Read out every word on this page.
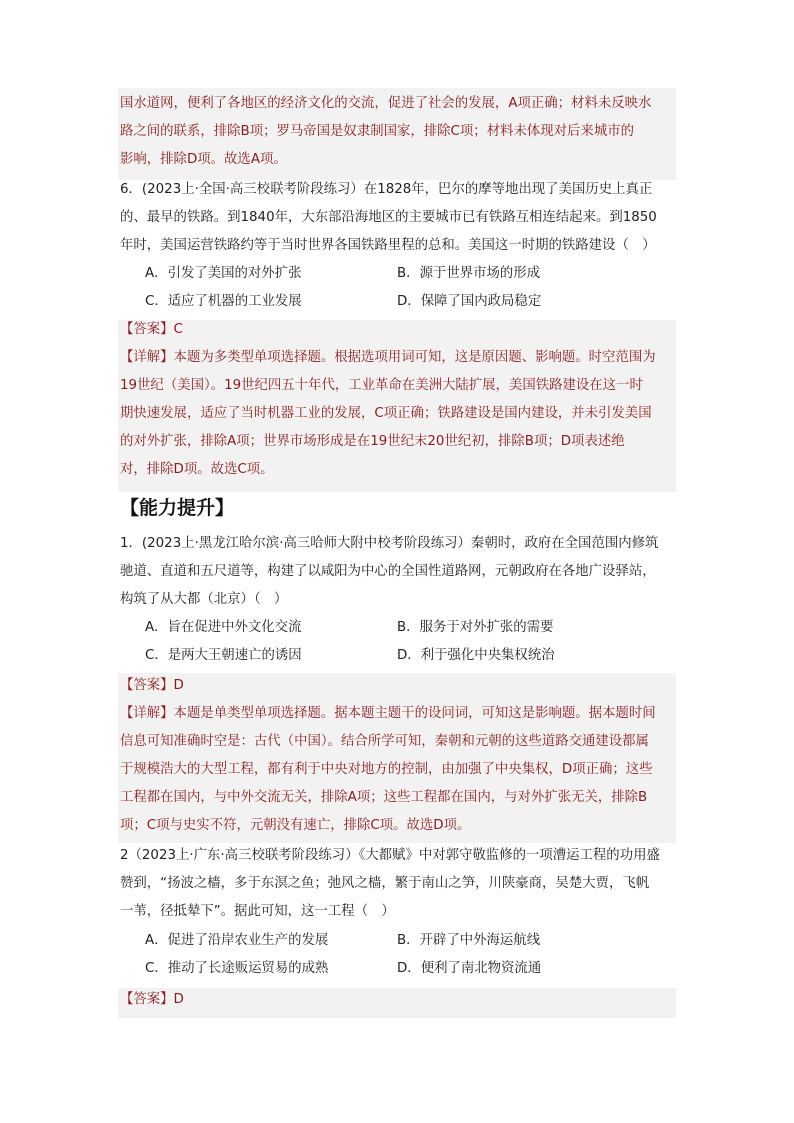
国水道网，便利了各地区的经济文化的交流，促进了社会的发展，A项正确；材料未反映水
路之间的联系，排除B项；罗马帝国是奴隶制国家，排除C项；材料未体现对后来城市的
影响，排除D项。故选A项。
6．(2023上·全国·高三校联考阶段练习）在1828年，巴尔的摩等地出现了美国历史上真正
的、最早的铁路。到1840年，大东部沿海地区的主要城市已有铁路互相连结起来。到1850
年时，美国运营铁路约等于当时世界各国铁路里程的总和。美国这一时期的铁路建设（　）
A．引发了美国的对外扩张	B．源于世界市场的形成
C．适应了机器的工业发展	D．保障了国内政局稳定
【答案】C
【详解】本题为多类型单项选择题。根据选项用词可知，这是原因题、影响题。时空范围为
19世纪（美国）。19世纪四五十年代，工业革命在美洲大陆扩展，美国铁路建设在这一时
期快速发展，适应了当时机器工业的发展，C项正确；铁路建设是国内建设，并未引发美国
的对外扩张，排除A项；世界市场形成是在19世纪末20世纪初，排除B项；D项表述绝
对，排除D项。故选C项。
【能力提升】
1．(2023上·黑龙江哈尔滨·高三哈师大附中校考阶段练习）秦朝时，政府在全国范围内修筑
驰道、直道和五尺道等，构建了以咸阳为中心的全国性道路网，元朝政府在各地广设驿站，
构筑了从大都（北京）（　）
A．旨在促进中外文化交流	B．服务于对外扩张的需要
C．是两大王朝速亡的诱因	D．利于强化中央集权统治
【答案】D
【详解】本题是单类型单项选择题。据本题主题干的设问词，可知这是影响题。据本题时间
信息可知准确时空是：古代（中国）。结合所学可知，秦朝和元朝的这些道路交通建设都属
于规模浩大的大型工程，都有利于中央对地方的控制，由加强了中央集权，D项正确；这些
工程都在国内，与中外交流无关，排除A项；这些工程都在国内，与对外扩张无关，排除B
项；C项与史实不符，元朝没有速亡，排除C项。故选D项。
2（2023上·广东·高三校联考阶段练习）《大都赋》中对郭守敬监修的一项漕运工程的功用盛
赞到，“扬波之樯，多于东溟之鱼；弛风之樯，繁于南山之笋，川陕豪商，吴楚大贾，飞帆
一苇，径抵辇下”。据此可知，这一工程（　）
A．促进了沿岸农业生产的发展	B．开辟了中外海运航线
C．推动了长途贩运贸易的成熟	D．便利了南北物资流通
【答案】D
